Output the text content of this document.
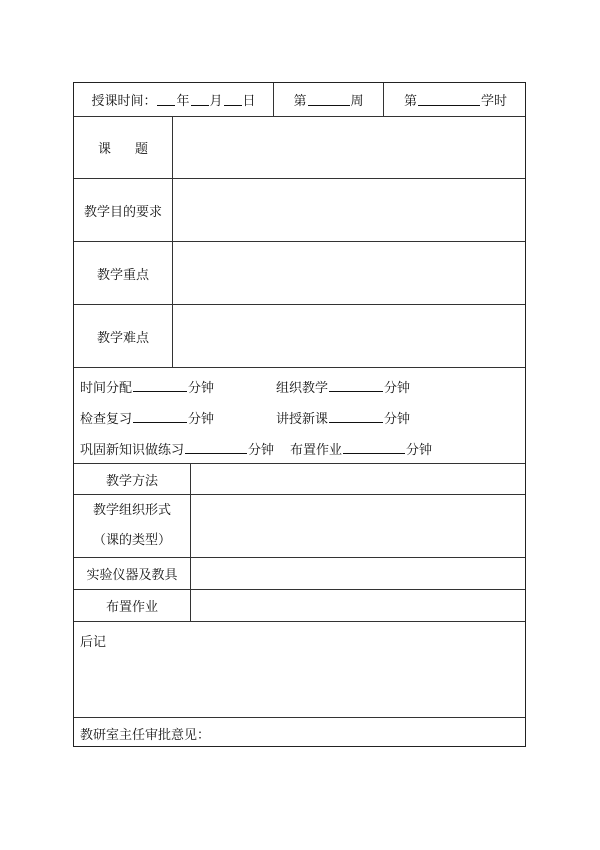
授课时间： 年 月 日	第	周	第	学时
课 题
教学目的要求
教学重点
教学难点
时间分配	分钟	组织教学	分钟
检查复习	分钟	讲授新课	分钟
巩固新知识做练习	分钟 布置作业	分钟
教学方法
教学组织形式
（课的类型）
实验仪器及教具
布置作业
后记
教研室主任审批意见：
